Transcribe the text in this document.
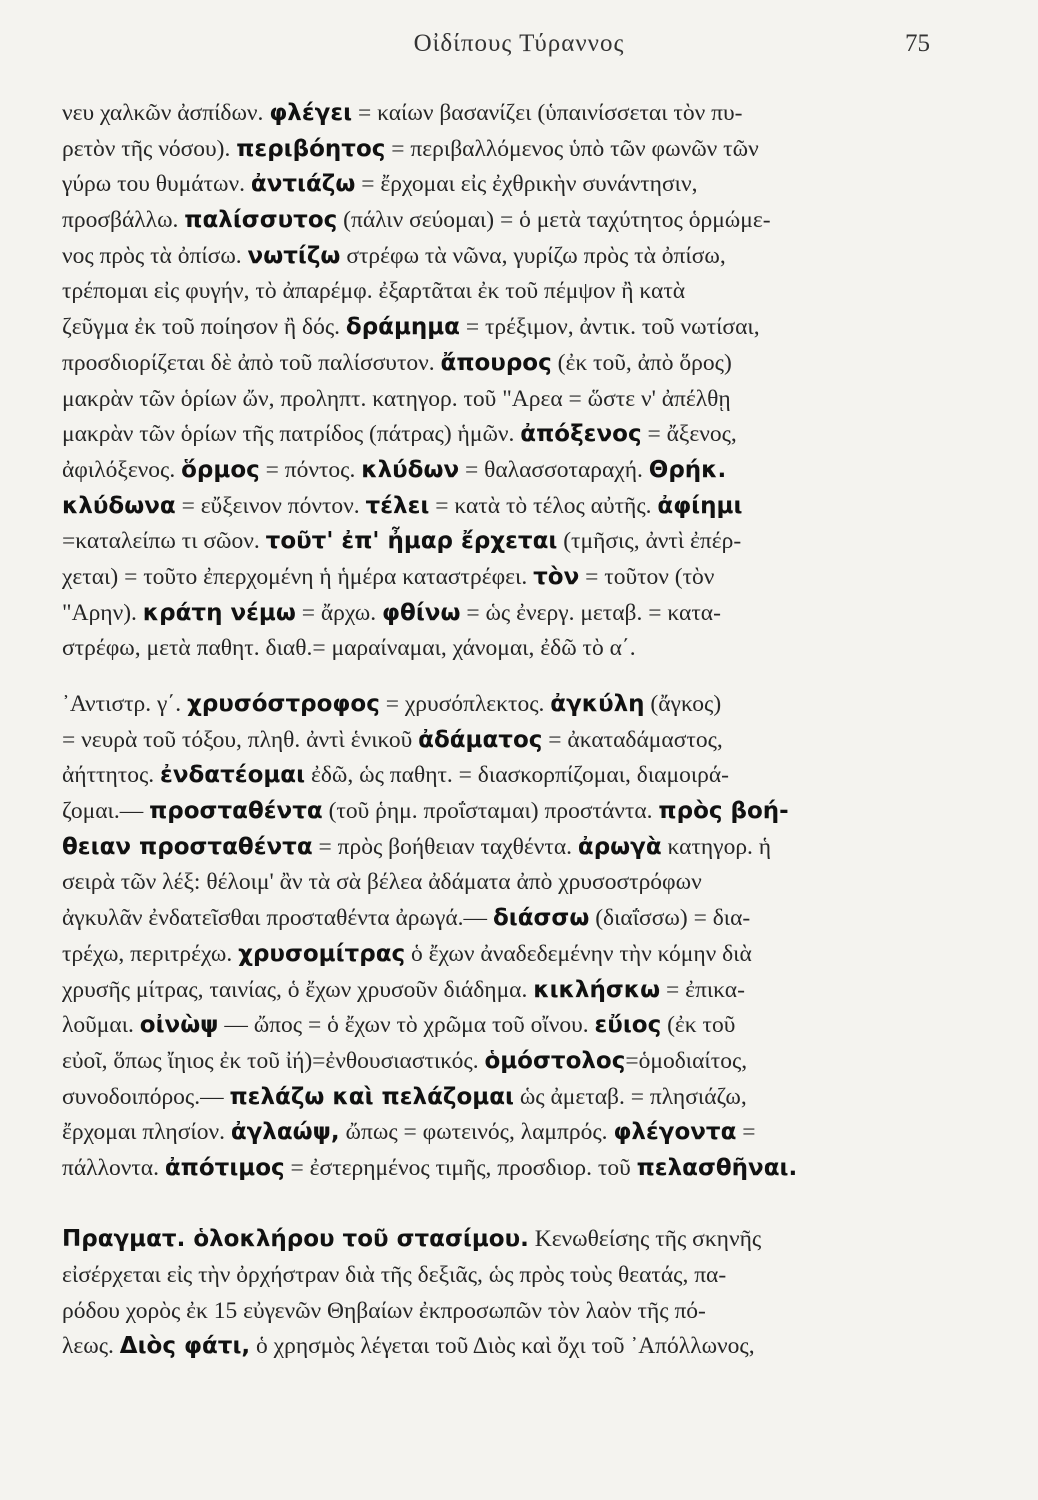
Οἰδίπους Τύραννος	75
νευ χαλκῶν ἀσπίδων. φλέγει = καίων βασανίζει (ὑπαινίσσεται τὸν πυ-
ρετὸν τῆς νόσου). περιβόητος = περιβαλλόμενος ὑπὸ τῶν φωνῶν τῶν
γύρω του θυμάτων. ἀντιάζω = ἔρχομαι εἰς ἐχθρικὴν συνάντησιν,
προσβάλλω. παλίσσυτος (πάλιν σεύομαι) = ὁ μετὰ ταχύτητος ὁρμώμε-
νος πρὸς τὰ ὀπίσω. νωτίζω στρέφω τὰ νῶνα, γυρίζω πρὸς τὰ ὀπίσω,
τρέπομαι εἰς φυγήν, τὸ ἀπαρέμφ. ἐξαρτᾶται ἐκ τοῦ πέμψον ἢ κατὰ
ζεῦγμα ἐκ τοῦ ποίησον ἢ δός. δράμημα = τρέξιμον, ἀντικ. τοῦ νωτίσαι,
προσδιορίζεται δὲ ἀπὸ τοῦ παλίσσυτον. ἄπουρος (ἐκ τοῦ, ἀπὸ ὅρος)
μακρὰν τῶν ὁρίων ὤν, προληπτ. κατηγορ. τοῦ "Αρεα = ὥστε ν' ἀπέλθῃ
μακρὰν τῶν ὁρίων τῆς πατρίδος (πάτρας) ἡμῶν. ἀπόξενος = ἄξενος,
ἀφιλόξενος. ὅρμος = πόντος. κλύδων = θαλασσοταραχή. Θρήκ.
κλύδωνα = εὔξεινον πόντον. τέλει = κατὰ τὸ τέλος αὐτῆς. ἀφίημι
=καταλείπω τι σῶον. τοῦτ' ἐπ' ἦμαρ ἔρχεται (τμῆσις, ἀντὶ ἐπέρ-
χεται) = τοῦτο ἐπερχομένη ἡ ἡμέρα καταστρέφει. τὸν = τοῦτον (τὸν
"Αρην). κράτη νέμω = ἄρχω. φθίνω = ὡς ἐνεργ. μεταβ. = κατα-
στρέφω, μετὰ παθητ. διαθ.= μαραίναμαι, χάνομαι, ἐδῶ τὸ α΄.
᾽Αντιστρ. γ΄. χρυσόστροφος = χρυσόπλεκτος. ἀγκύλη (ἄγκος)
= νευρὰ τοῦ τόξου, πληθ. ἀντὶ ἑνικοῦ ἀδάματος = ἀκαταδάμαστος,
ἀήττητος. ἐνδατέομαι ἐδῶ, ὡς παθητ. = διασκορπίζομαι, διαμοιρά-
ζομαι.— προσταθέντα (τοῦ ῥημ. προΐσταμαι) προστάντα. πρὸς βοή-
θειαν προσταθέντα = πρὸς βοήθειαν ταχθέντα. ἀρωγὰ κατηγορ. ἡ
σειρὰ τῶν λέξ: θέλοιμ' ἂν τὰ σὰ βέλεα ἀδάματα ἀπὸ χρυσοστρόφων
ἀγκυλᾶν ἐνδατεῖσθαι προσταθέντα ἀρωγά.— διάσσω (διαΐσσω) = δια-
τρέχω, περιτρέχω. χρυσομίτρας ὁ ἔχων ἀναδεδεμένην τὴν κόμην διὰ
χρυσῆς μίτρας, ταινίας, ὁ ἔχων χρυσοῦν διάδημα. κικλήσκω = ἐπικα-
λοῦμαι. οἰνὼψ — ὤπος = ὁ ἔχων τὸ χρῶμα τοῦ οἴνου. εὔιος (ἐκ τοῦ
εὐοῖ, ὅπως ἴηιος ἐκ τοῦ ἰή)=ἐνθουσιαστικός. ὁμόστολος=ὁμοδιαίτος,
συνοδοιπόρος.— πελάζω καὶ πελάζομαι ὡς ἀμεταβ. = πλησιάζω,
ἔρχομαι πλησίον. ἀγλαώψ, ὤπως = φωτεινός, λαμπρός. φλέγοντα =
πάλλοντα. ἀπότιμος = ἐστερημένος τιμῆς, προσδιορ. τοῦ πελασθῆναι.
Πραγματ. ὁλοκλήρου τοῦ στασίμου. Κενωθείσης τῆς σκηνῆς
εἰσέρχεται εἰς τὴν ὀρχήστραν διὰ τῆς δεξιᾶς, ὡς πρὸς τοὺς θεατάς, πα-
ρόδου χορὸς ἐκ 15 εὐγενῶν Θηβαίων ἐκπροσωπῶν τὸν λαὸν τῆς πό-
λεως. Διὸς φάτι, ὁ χρησμὸς λέγεται τοῦ Διὸς καὶ ὄχι τοῦ ᾽Απόλλωνος,
